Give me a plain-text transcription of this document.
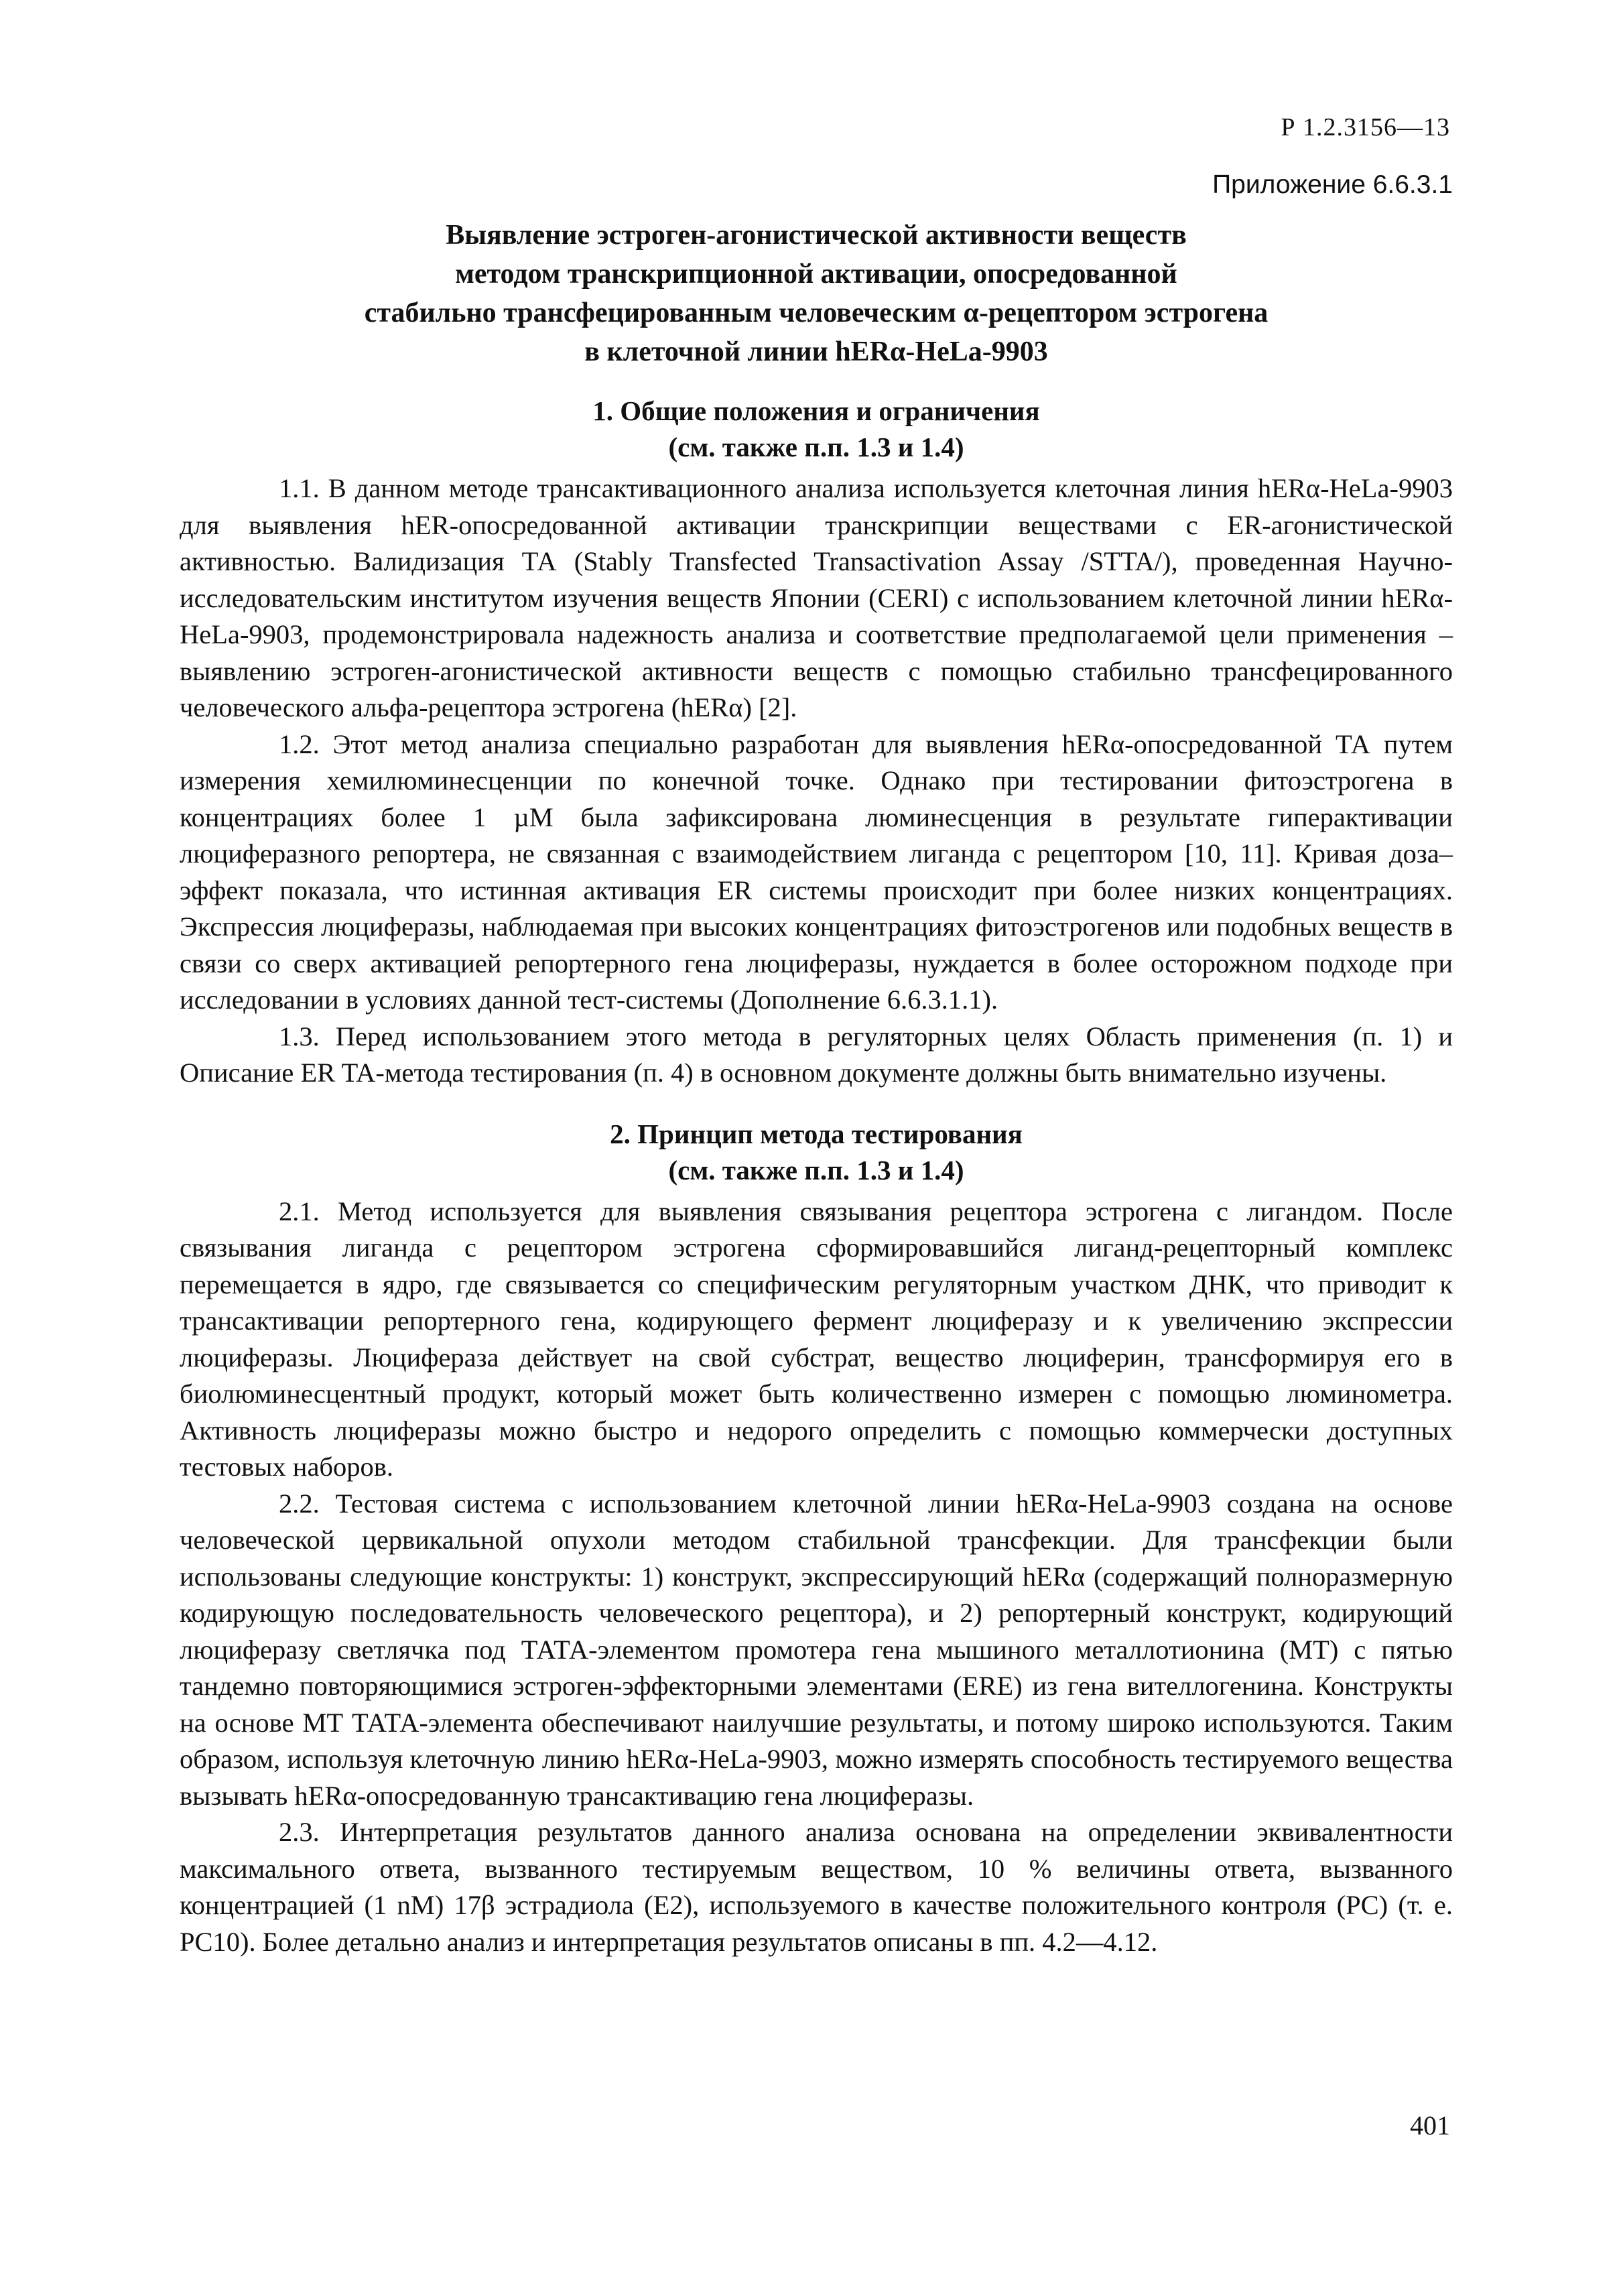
Р 1.2.3156—13
Приложение 6.6.3.1
Выявление эстроген-агонистической активности веществ
методом транскрипционной активации, опосредованной
стабильно трансфецированным человеческим α-рецептором эстрогена
в клеточной линии hERα-HeLa-9903
1. Общие положения и ограничения
(см. также п.п. 1.3 и 1.4)

1.1. В данном методе трансактивационного анализа используется клеточная линия hERα-HeLa-9903 для выявления hER-опосредованной активации транскрипции веществами с ER-агонистической активностью. Валидизация ТА (Stably Transfected Transactivation Assay /STTA/), проведенная Научно-исследовательским институтом изучения веществ Японии (CERI) с использованием клеточной линии hERα-HeLa-9903, продемонстрировала надежность анализа и соответствие предполагаемой цели применения – выявлению эстроген-агонистической активности веществ с помощью стабильно трансфецированного человеческого альфа-рецептора эстрогена (hERα) [2].

1.2. Этот метод анализа специально разработан для выявления hERα-опосредованной ТА путем измерения хемилюминесценции по конечной точке. Однако при тестировании фитоэстрогена в концентрациях более 1 µM была зафиксирована люминесценция в результате гиперактивации люциферазного репортера, не связанная с взаимодействием лиганда с рецептором [10, 11]. Кривая доза–эффект показала, что истинная активация ER системы происходит при более низких концентрациях. Экспрессия люциферазы, наблюдаемая при высоких концентрациях фитоэстрогенов или подобных веществ в связи со сверх активацией репортерного гена люциферазы, нуждается в более осторожном подходе при исследовании в условиях данной тест-системы (Дополнение 6.6.3.1.1).

1.3. Перед использованием этого метода в регуляторных целях Область применения (п. 1) и Описание ER TA-метода тестирования (п. 4) в основном документе должны быть внимательно изучены.

2. Принцип метода тестирования
(см. также п.п. 1.3 и 1.4)

2.1. Метод используется для выявления связывания рецептора эстрогена с лигандом. После связывания лиганда с рецептором эстрогена сформировавшийся лиганд-рецепторный комплекс перемещается в ядро, где связывается со специфическим регуляторным участком ДНК, что приводит к трансактивации репортерного гена, кодирующего фермент люциферазу и к увеличению экспрессии люциферазы. Люцифераза действует на свой субстрат, вещество люциферин, трансформируя его в биолюминесцентный продукт, который может быть количественно измерен с помощью люминометра. Активность люциферазы можно быстро и недорого определить с помощью коммерчески доступных тестовых наборов.

2.2. Тестовая система с использованием клеточной линии hERα-HeLa-9903 создана на основе человеческой цервикальной опухоли методом стабильной трансфекции. Для трансфекции были использованы следующие конструкты: 1) конструкт, экспрессирующий hERα (содержащий полноразмерную кодирующую последовательность человеческого рецептора), и 2) репортерный конструкт, кодирующий люциферазу светлячка под ТАТА-элементом промотера гена мышиного металлотионина (МТ) с пятью тандемно повторяющимися эстроген-эффекторными элементами (ERE) из гена вителлогенина. Конструкты на основе МТ ТАТА-элемента обеспечивают наилучшие результаты, и потому широко используются. Таким образом, используя клеточную линию hERα-HeLa-9903, можно измерять способность тестируемого вещества вызывать hERα-опосредованную трансактивацию гена люциферазы.

2.3. Интерпретация результатов данного анализа основана на определении эквивалентности максимального ответа, вызванного тестируемым веществом, 10 % величины ответа, вызванного концентрацией (1 nM) 17β эстрадиола (Е2), используемого в качестве положительного контроля (PC) (т. е. PC10). Более детально анализ и интерпретация результатов описаны в пп. 4.2—4.12.

401
